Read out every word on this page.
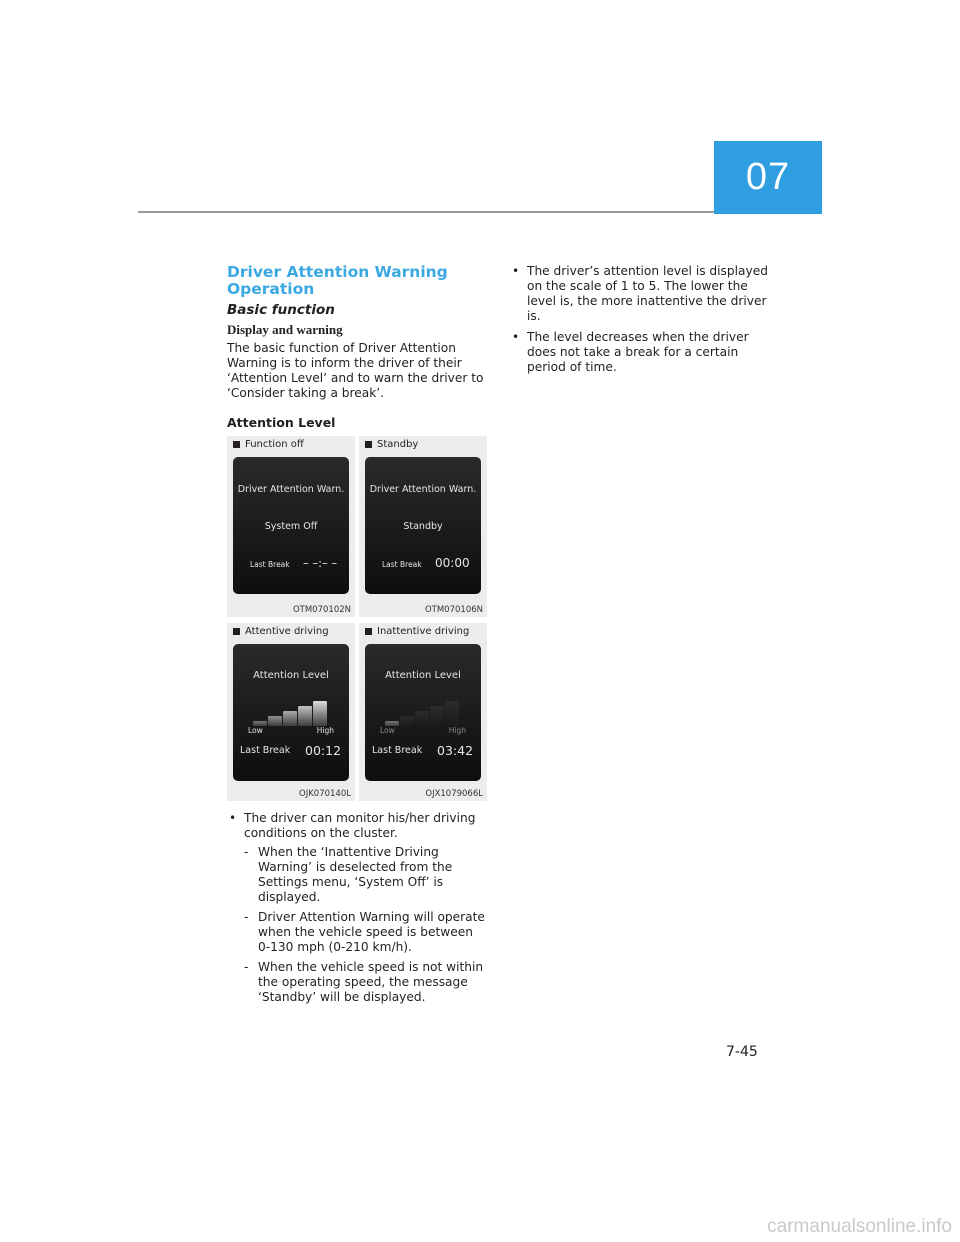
07
Driver Attention Warning
Operation
Basic function
Display and warning

The basic function of Driver Attention Warning is to inform the driver of their ‘Attention Level’ and to warn the driver to ‘Consider taking a break’.

Attention Level
Function off
Driver Attention Warn.
System Off
Last Break – –:– –
OTM070102N
Standby
Driver Attention Warn.
Standby
Last Break 00:00
OTM070106N
Attentive driving
Attention Level
Low	High
Last Break 00:12
OJK070140L
Inattentive driving
Attention Level
Low	High
Last Break 03:42
OJX1079066L
• The driver can monitor his/her driving conditions on the cluster.
- When the ‘Inattentive Driving Warning’ is deselected from the Settings menu, ‘System Off’ is displayed.
- Driver Attention Warning will operate when the vehicle speed is between 0-130 mph (0-210 km/h).
- When the vehicle speed is not within the operating speed, the message ‘Standby’ will be displayed.
• The driver’s attention level is displayed on the scale of 1 to 5. The lower the level is, the more inattentive the driver is.
• The level decreases when the driver does not take a break for a certain period of time.
7-45
carmanualsonline.info
